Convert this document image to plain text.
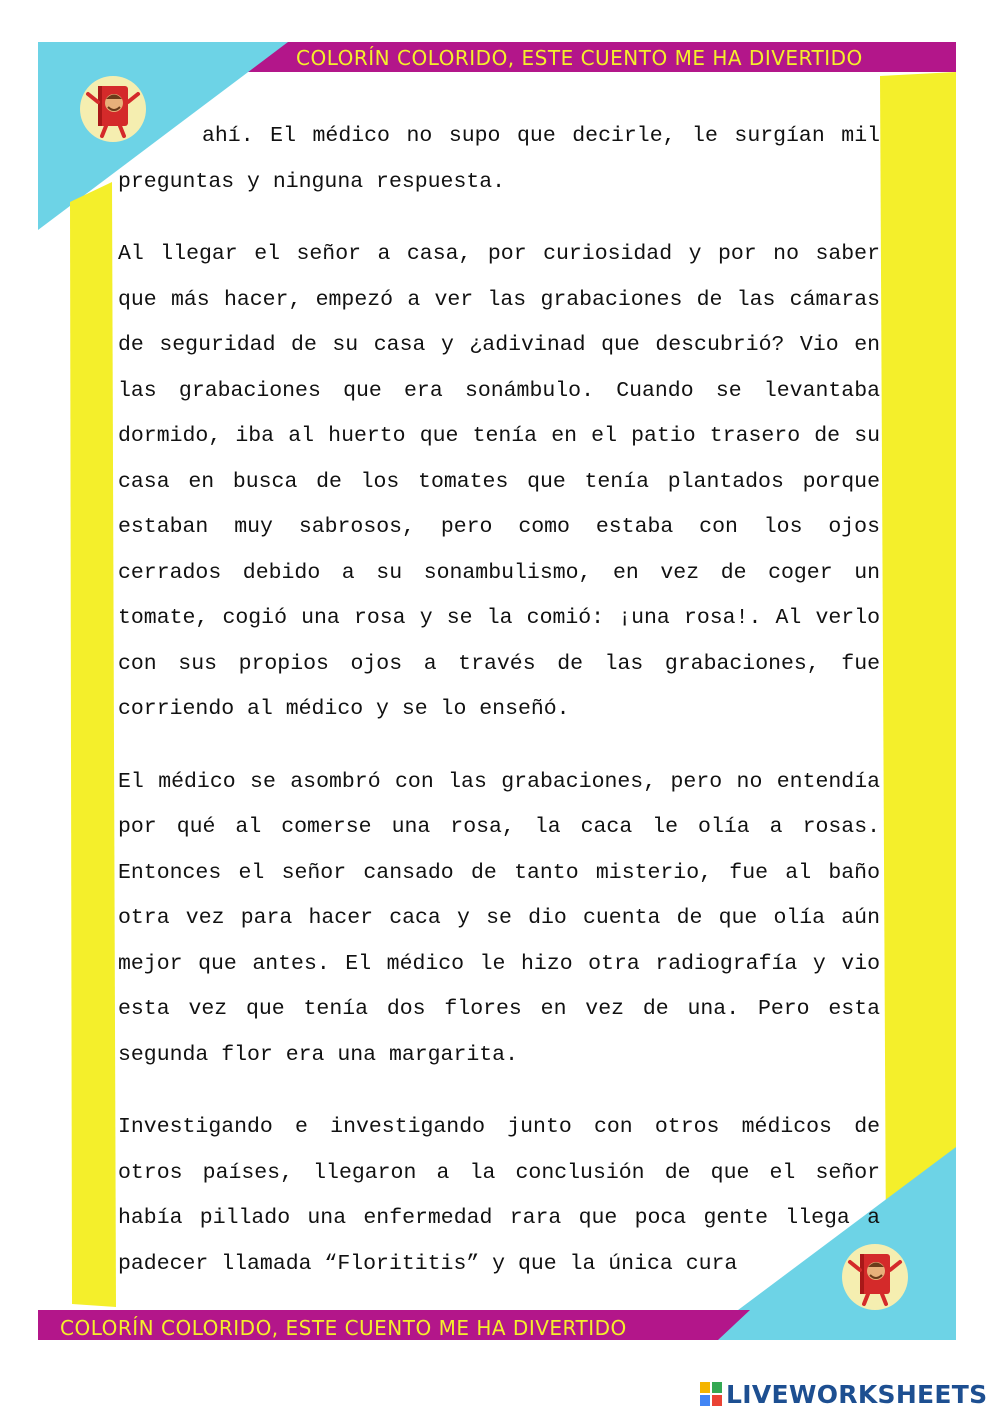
COLORÍN COLORIDO, ESTE CUENTO ME HA DIVERTIDO
COLORÍN COLORIDO, ESTE CUENTO ME HA DIVERTIDO

ahí. El médico no supo que decirle, le surgían mil preguntas y ninguna respuesta.

Al llegar el señor a casa, por curiosidad y por no saber que más hacer, empezó a ver las grabaciones de las cámaras de seguridad de su casa y ¿adivinad que descubrió? Vio en las grabaciones que era sonámbulo. Cuando se levantaba dormido, iba al huerto que tenía en el patio trasero de su casa en busca de los tomates que tenía plantados porque estaban muy sabrosos, pero como estaba con los ojos cerrados debido a su sonambulismo, en vez de coger un tomate, cogió una rosa y se la comió: ¡una rosa!. Al verlo con sus propios ojos a través de las grabaciones, fue corriendo al médico y se lo enseñó.

El médico se asombró con las grabaciones, pero no entendía por qué al comerse una rosa, la caca le olía a rosas. Entonces el señor cansado de tanto misterio, fue al baño otra vez para hacer caca y se dio cuenta de que olía aún mejor que antes. El médico le hizo otra radiografía y vio esta vez que tenía dos flores en vez de una. Pero esta segunda flor era una margarita.

Investigando e investigando junto con otros médicos de otros países, llegaron a la conclusión de que el señor había pillado una enfermedad rara que poca gente llega a padecer llamada “Florititis” y que la única cura

LIVEWORKSHEETS
